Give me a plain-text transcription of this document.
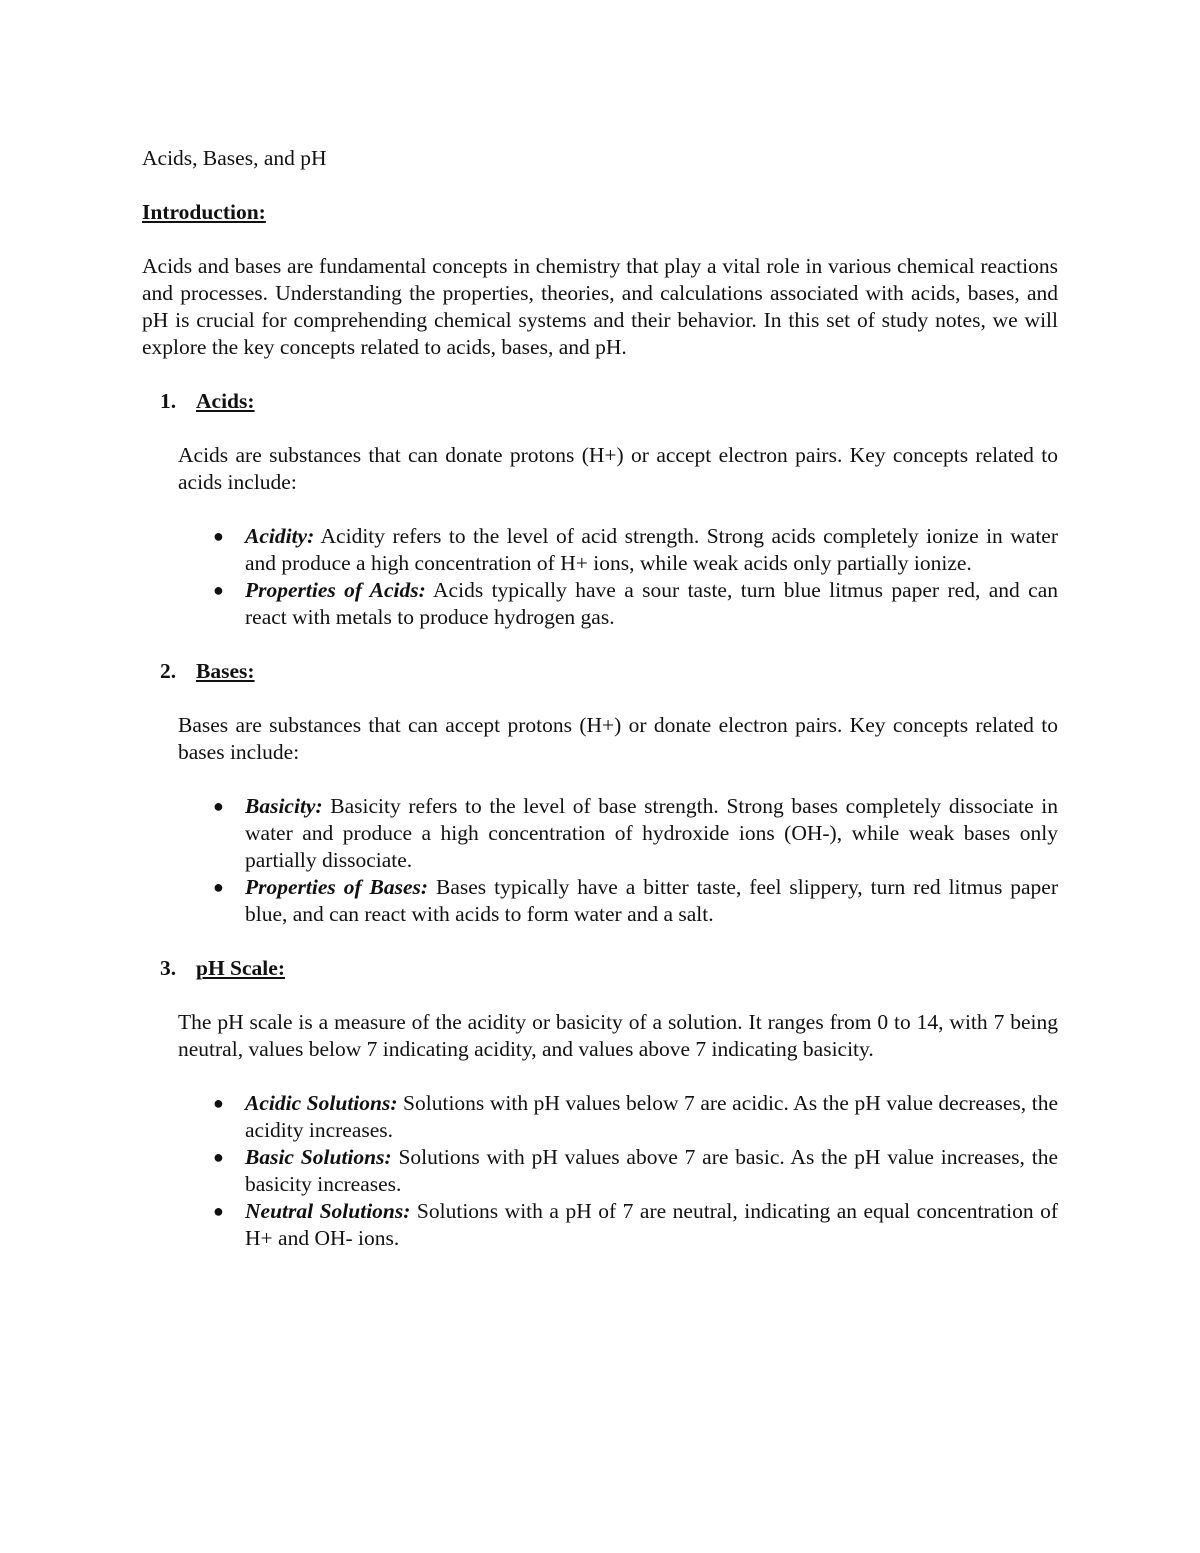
Acids, Bases, and pH

Introduction:

Acids and bases are fundamental concepts in chemistry that play a vital role in various chemical reactions and processes. Understanding the properties, theories, and calculations associated with acids, bases, and pH is crucial for comprehending chemical systems and their behavior. In this set of study notes, we will explore the key concepts related to acids, bases, and pH.

1. Acids:

Acids are substances that can donate protons (H+) or accept electron pairs. Key concepts related to acids include:

● Acidity: Acidity refers to the level of acid strength. Strong acids completely ionize in water and produce a high concentration of H+ ions, while weak acids only partially ionize.
● Properties of Acids: Acids typically have a sour taste, turn blue litmus paper red, and can react with metals to produce hydrogen gas.
2. Bases:

Bases are substances that can accept protons (H+) or donate electron pairs. Key concepts related to bases include:

● Basicity: Basicity refers to the level of base strength. Strong bases completely dissociate in water and produce a high concentration of hydroxide ions (OH-), while weak bases only partially dissociate.
● Properties of Bases: Bases typically have a bitter taste, feel slippery, turn red litmus paper blue, and can react with acids to form water and a salt.
3. pH Scale:

The pH scale is a measure of the acidity or basicity of a solution. It ranges from 0 to 14, with 7 being neutral, values below 7 indicating acidity, and values above 7 indicating basicity.

● Acidic Solutions: Solutions with pH values below 7 are acidic. As the pH value decreases, the acidity increases.
● Basic Solutions: Solutions with pH values above 7 are basic. As the pH value increases, the basicity increases.
● Neutral Solutions: Solutions with a pH of 7 are neutral, indicating an equal concentration of H+ and OH- ions.
